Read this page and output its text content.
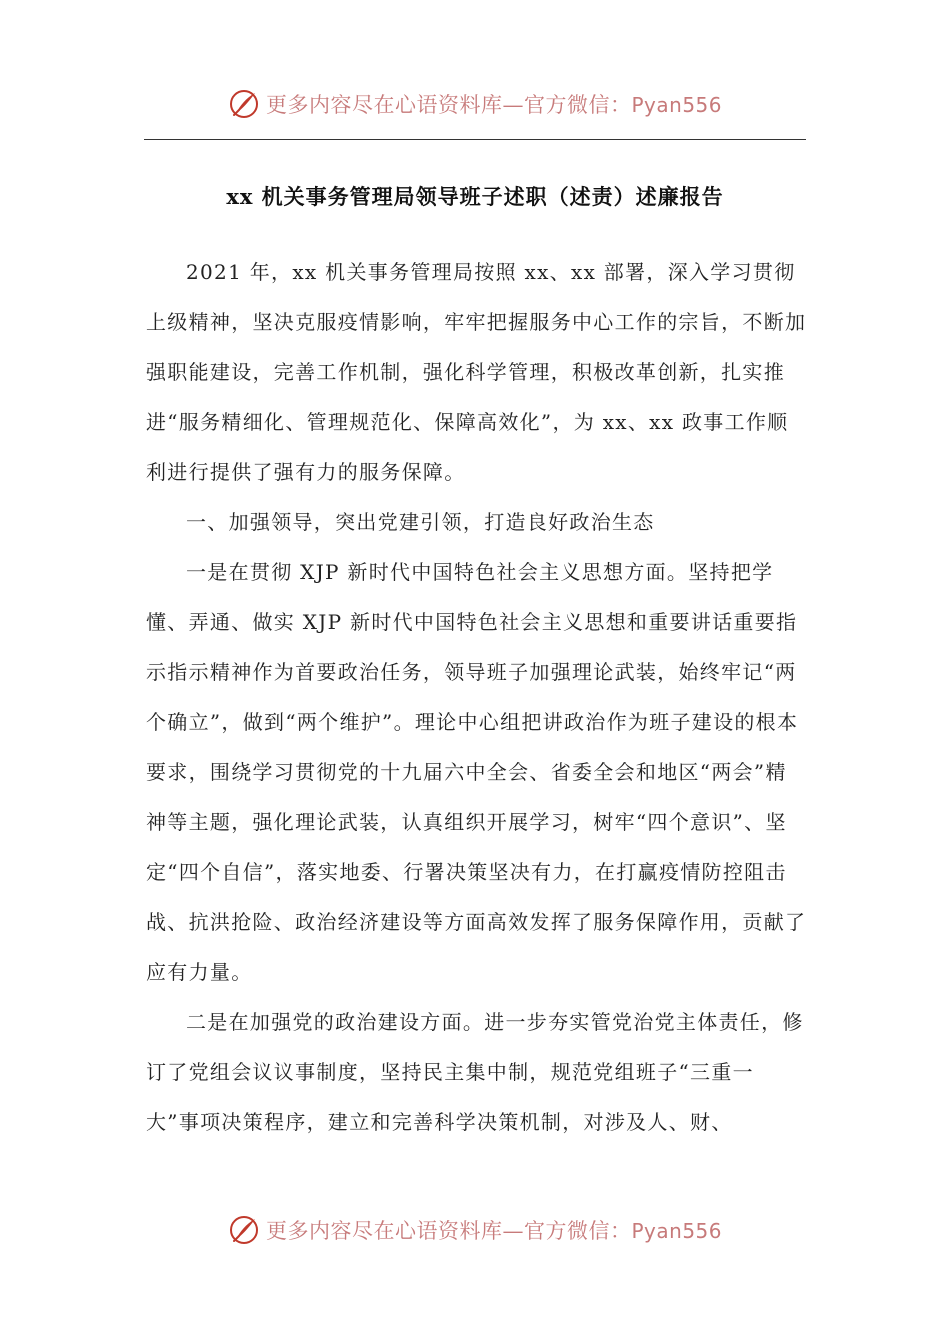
更多内容尽在心语资料库—官方微信：Pyan556
xx 机关事务管理局领导班子述职（述责）述廉报告

2021 年，xx 机关事务管理局按照 xx、xx 部署，深入学习贯彻上级精神，坚决克服疫情影响，牢牢把握服务中心工作的宗旨，不断加强职能建设，完善工作机制，强化科学管理，积极改革创新，扎实推进“服务精细化、管理规范化、保障高效化”，为 xx、xx 政事工作顺利进行提供了强有力的服务保障。

一、加强领导，突出党建引领，打造良好政治生态

一是在贯彻 XJP 新时代中国特色社会主义思想方面。坚持把学懂、弄通、做实 XJP 新时代中国特色社会主义思想和重要讲话重要指示指示精神作为首要政治任务，领导班子加强理论武装，始终牢记“两个确立”，做到“两个维护”。理论中心组把讲政治作为班子建设的根本要求，围绕学习贯彻党的十九届六中全会、省委全会和地区“两会”精神等主题，强化理论武装，认真组织开展学习，树牢“四个意识”、坚定“四个自信”，落实地委、行署决策坚决有力，在打赢疫情防控阻击战、抗洪抢险、政治经济建设等方面高效发挥了服务保障作用，贡献了应有力量。

二是在加强党的政治建设方面。进一步夯实管党治党主体责任，修订了党组会议议事制度，坚持民主集中制，规范党组班子“三重一大”事项决策程序，建立和完善科学决策机制，对涉及人、财、

更多内容尽在心语资料库—官方微信：Pyan556
